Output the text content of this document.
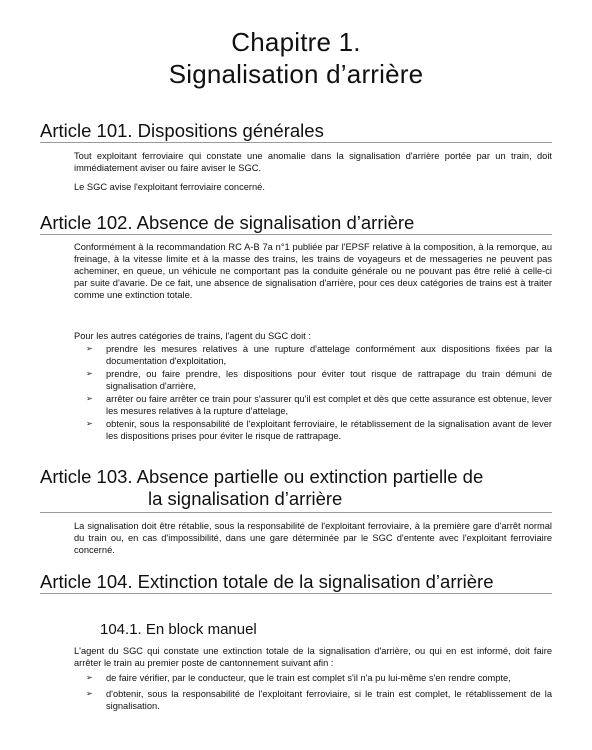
Chapitre 1.
Signalisation d’arrière
Article 101. Dispositions générales

Tout exploitant ferroviaire qui constate une anomalie dans la signalisation d'arrière portée par un train, doit immédiatement aviser ou faire aviser le SGC.

Le SGC avise l'exploitant ferroviaire concerné.

Article 102. Absence de signalisation d’arrière

Conformément à la recommandation RC A-B 7a n°1 publiée par l'EPSF relative à la composition, à la remorque, au freinage, à la vitesse limite et à la masse des trains, les trains de voyageurs et de messageries ne peuvent pas acheminer, en queue, un véhicule ne comportant pas la conduite générale ou ne pouvant pas être relié à celle-ci par suite d'avarie. De ce fait, une absence de signalisation d'arrière, pour ces deux catégories de trains est à traiter comme une extinction totale.

Pour les autres catégories de trains, l'agent du SGC doit :

➢ prendre les mesures relatives à une rupture d'attelage conformément aux dispositions fixées par la documentation d'exploitation,
➢ prendre, ou faire prendre, les dispositions pour éviter tout risque de rattrapage du train démuni de signalisation d'arrière,
➢ arrêter ou faire arrêter ce train pour s'assurer qu'il est complet et dès que cette assurance est obtenue, lever les mesures relatives à la rupture d'attelage,
➢ obtenir, sous la responsabilité de l'exploitant ferroviaire, le rétablissement de la signalisation avant de lever les dispositions prises pour éviter le risque de rattrapage.
Article 103. Absence partielle ou extinction partielle de
la signalisation d’arrière

La signalisation doit être rétablie, sous la responsabilité de l'exploitant ferroviaire, à la première gare d'arrêt normal du train ou, en cas d'impossibilité, dans une gare déterminée par le SGC d'entente avec l'exploitant ferroviaire concerné.

Article 104. Extinction totale de la signalisation d’arrière
104.1. En block manuel

L'agent du SGC qui constate une extinction totale de la signalisation d'arrière, ou qui en est informé, doit faire arrêter le train au premier poste de cantonnement suivant afin :

➢ de faire vérifier, par le conducteur, que le train est complet s'il n'a pu lui-même s'en rendre compte,
➢ d'obtenir, sous la responsabilité de l'exploitant ferroviaire, si le train est complet, le rétablissement de la signalisation.
